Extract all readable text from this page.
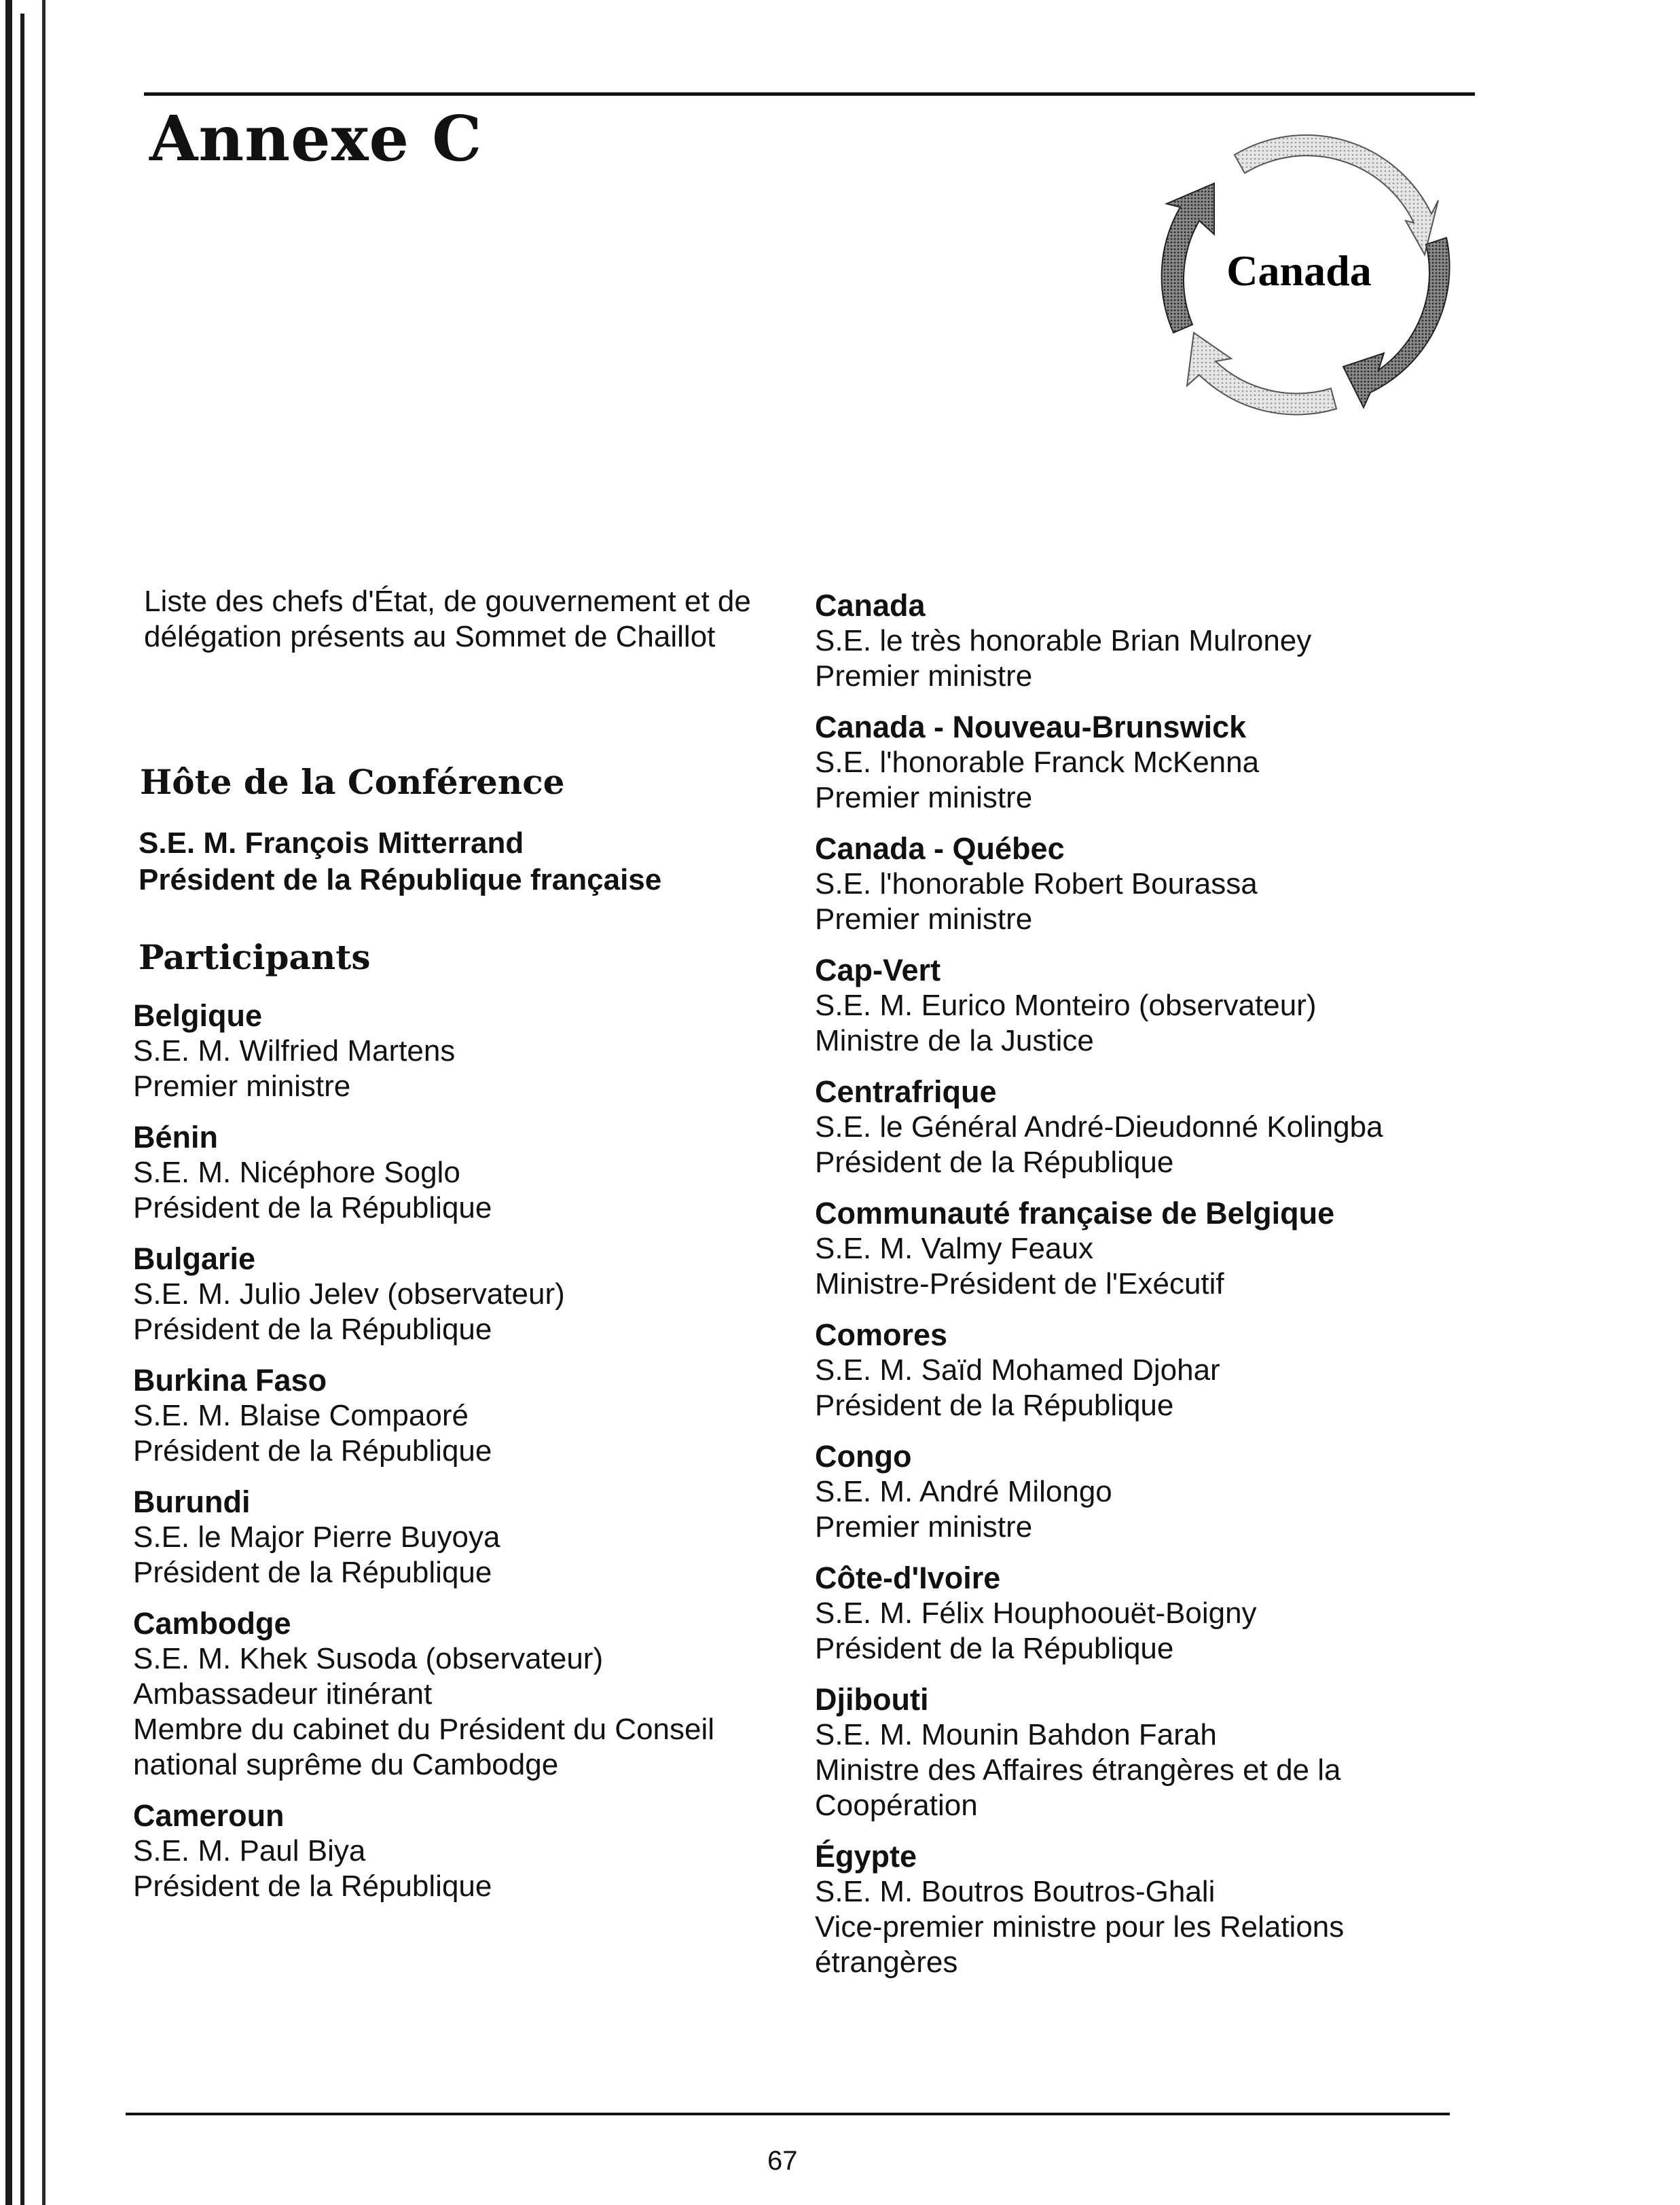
Annexe C
Canada

Liste des chefs d'État, de gouvernement et de délégation présents au Sommet de Chaillot

Hôte de la Conférence
S.E. M. François Mitterrand
Président de la République française
Participants
Belgique
S.E. M. Wilfried Martens
Premier ministre
Bénin
S.E. M. Nicéphore Soglo
Président de la République
Bulgarie
S.E. M. Julio Jelev (observateur)
Président de la République
Burkina Faso
S.E. M. Blaise Compaoré
Président de la République
Burundi
S.E. le Major Pierre Buyoya
Président de la République
Cambodge
S.E. M. Khek Susoda (observateur)
Ambassadeur itinérant
Membre du cabinet du Président du Conseil national suprême du Cambodge
Cameroun
S.E. M. Paul Biya
Président de la République
Canada
S.E. le très honorable Brian Mulroney
Premier ministre
Canada - Nouveau-Brunswick
S.E. l'honorable Franck McKenna
Premier ministre
Canada - Québec
S.E. l'honorable Robert Bourassa
Premier ministre
Cap-Vert
S.E. M. Eurico Monteiro (observateur)
Ministre de la Justice
Centrafrique
S.E. le Général André-Dieudonné Kolingba
Président de la République
Communauté française de Belgique
S.E. M. Valmy Feaux
Ministre-Président de l'Exécutif
Comores
S.E. M. Saïd Mohamed Djohar
Président de la République
Congo
S.E. M. André Milongo
Premier ministre
Côte-d'Ivoire
S.E. M. Félix Houphoouët-Boigny
Président de la République
Djibouti
S.E. M. Mounin Bahdon Farah
Ministre des Affaires étrangères et de la Coopération
Égypte
S.E. M. Boutros Boutros-Ghali
Vice-premier ministre pour les Relations étrangères
67
